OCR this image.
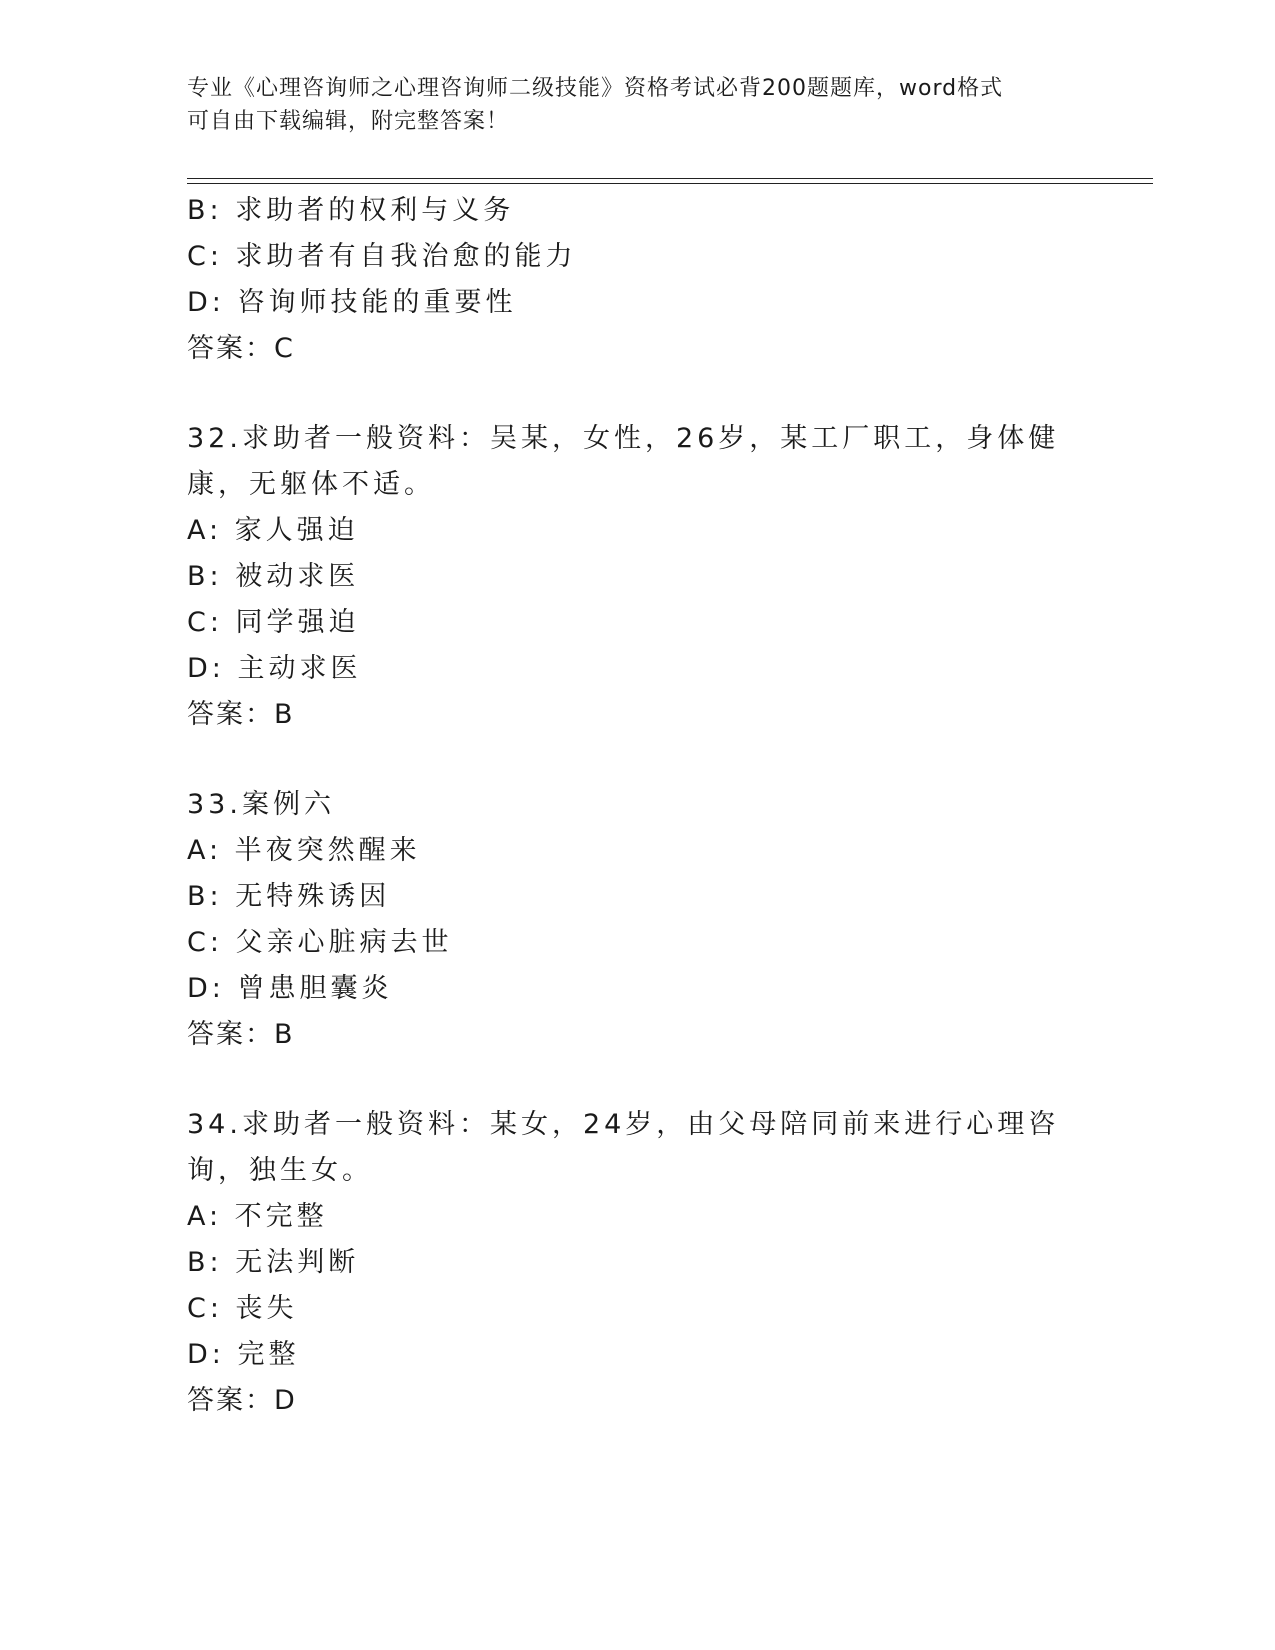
专业《心理咨询师之心理咨询师二级技能》资格考试必背200题题库，word格式
可自由下载编辑，附完整答案！
B: 求助者的权利与义务
C: 求助者有自我治愈的能力
D: 咨询师技能的重要性
答案：C
32.求助者一般资料：吴某，女性，26岁，某工厂职工，身体健康，无躯体不适。
A: 家人强迫
B: 被动求医
C: 同学强迫
D: 主动求医
答案：B
33.案例六
A: 半夜突然醒来
B: 无特殊诱因
C: 父亲心脏病去世
D: 曾患胆囊炎
答案：B
34.求助者一般资料：某女，24岁，由父母陪同前来进行心理咨询，独生女。
A: 不完整
B: 无法判断
C: 丧失
D: 完整
答案：D
